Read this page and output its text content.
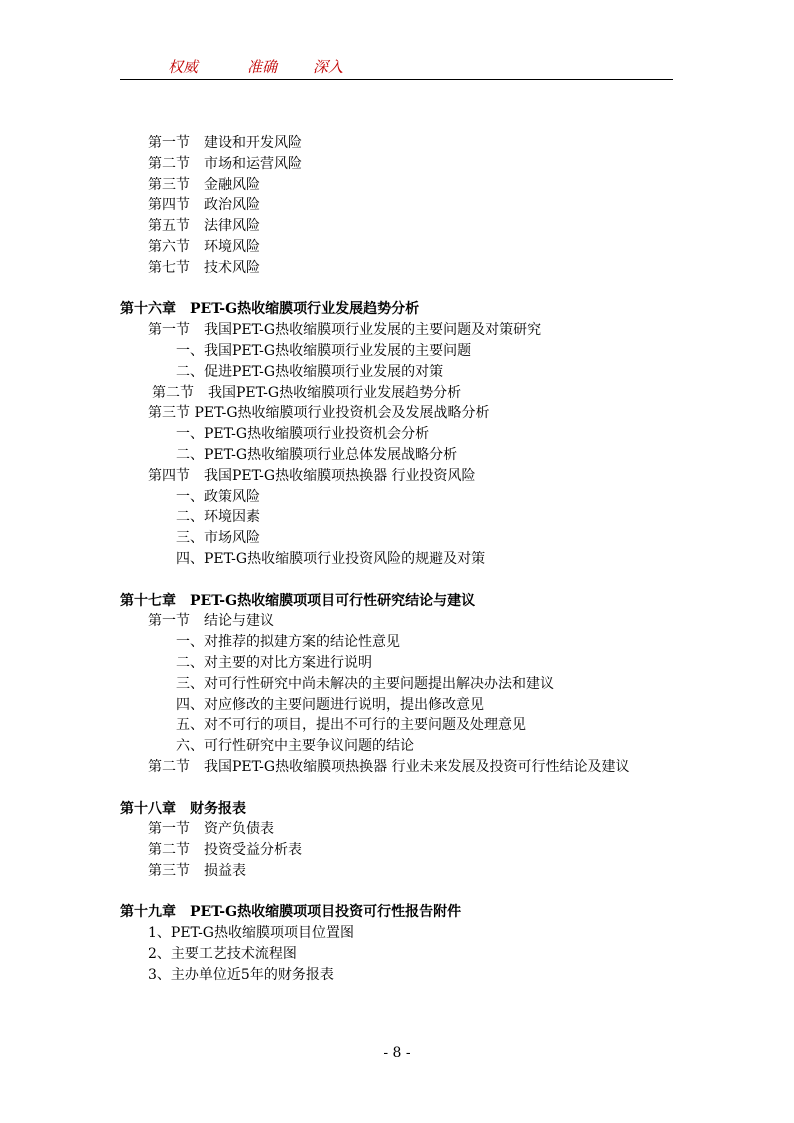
权威	准确 深入
第一节　建设和开发风险
第二节　市场和运营风险
第三节　金融风险
第四节　政治风险
第五节　法律风险
第六节　环境风险
第七节　技术风险
第十六章　PET-G热收缩膜项行业发展趋势分析
第一节　我国PET-G热收缩膜项行业发展的主要问题及对策研究
一、我国PET-G热收缩膜项行业发展的主要问题
二、促进PET-G热收缩膜项行业发展的对策
第二节　我国PET-G热收缩膜项行业发展趋势分析
第三节 PET-G热收缩膜项行业投资机会及发展战略分析
一、PET-G热收缩膜项行业投资机会分析
二、PET-G热收缩膜项行业总体发展战略分析
第四节　我国PET-G热收缩膜项热换器 行业投资风险
一、政策风险
二、环境因素
三、市场风险
四、PET-G热收缩膜项行业投资风险的规避及对策
第十七章　PET-G热收缩膜项项目可行性研究结论与建议
第一节　结论与建议
一、对推荐的拟建方案的结论性意见
二、对主要的对比方案进行说明
三、对可行性研究中尚未解决的主要问题提出解决办法和建议
四、对应修改的主要问题进行说明，提出修改意见
五、对不可行的项目，提出不可行的主要问题及处理意见
六、可行性研究中主要争议问题的结论
第二节　我国PET-G热收缩膜项热换器 行业未来发展及投资可行性结论及建议
第十八章　财务报表
第一节　资产负债表
第二节　投资受益分析表
第三节　损益表
第十九章　PET-G热收缩膜项项目投资可行性报告附件
1、PET-G热收缩膜项项目位置图
2、主要工艺技术流程图
3、主办单位近5年的财务报表
- 8 -
